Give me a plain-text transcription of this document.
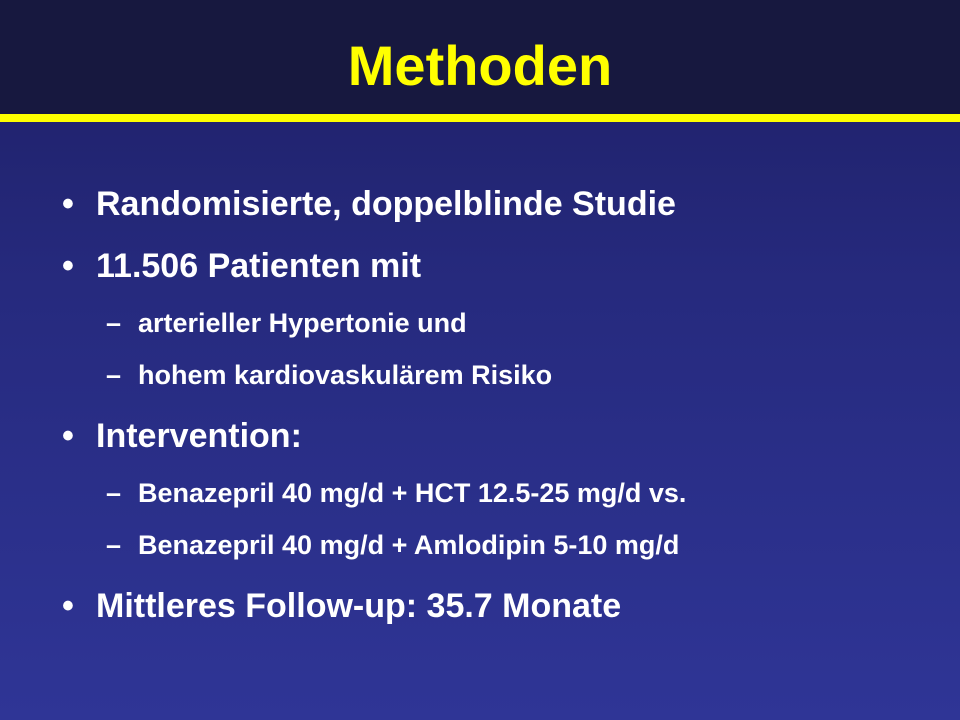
Methoden
• Randomisierte, doppelblinde Studie
• 11.506 Patienten mit
– arterieller Hypertonie und
– hohem kardiovaskulärem Risiko
• Intervention:
– Benazepril 40 mg/d + HCT 12.5-25 mg/d vs.
– Benazepril 40 mg/d + Amlodipin 5-10 mg/d
• Mittleres Follow-up: 35.7 Monate
